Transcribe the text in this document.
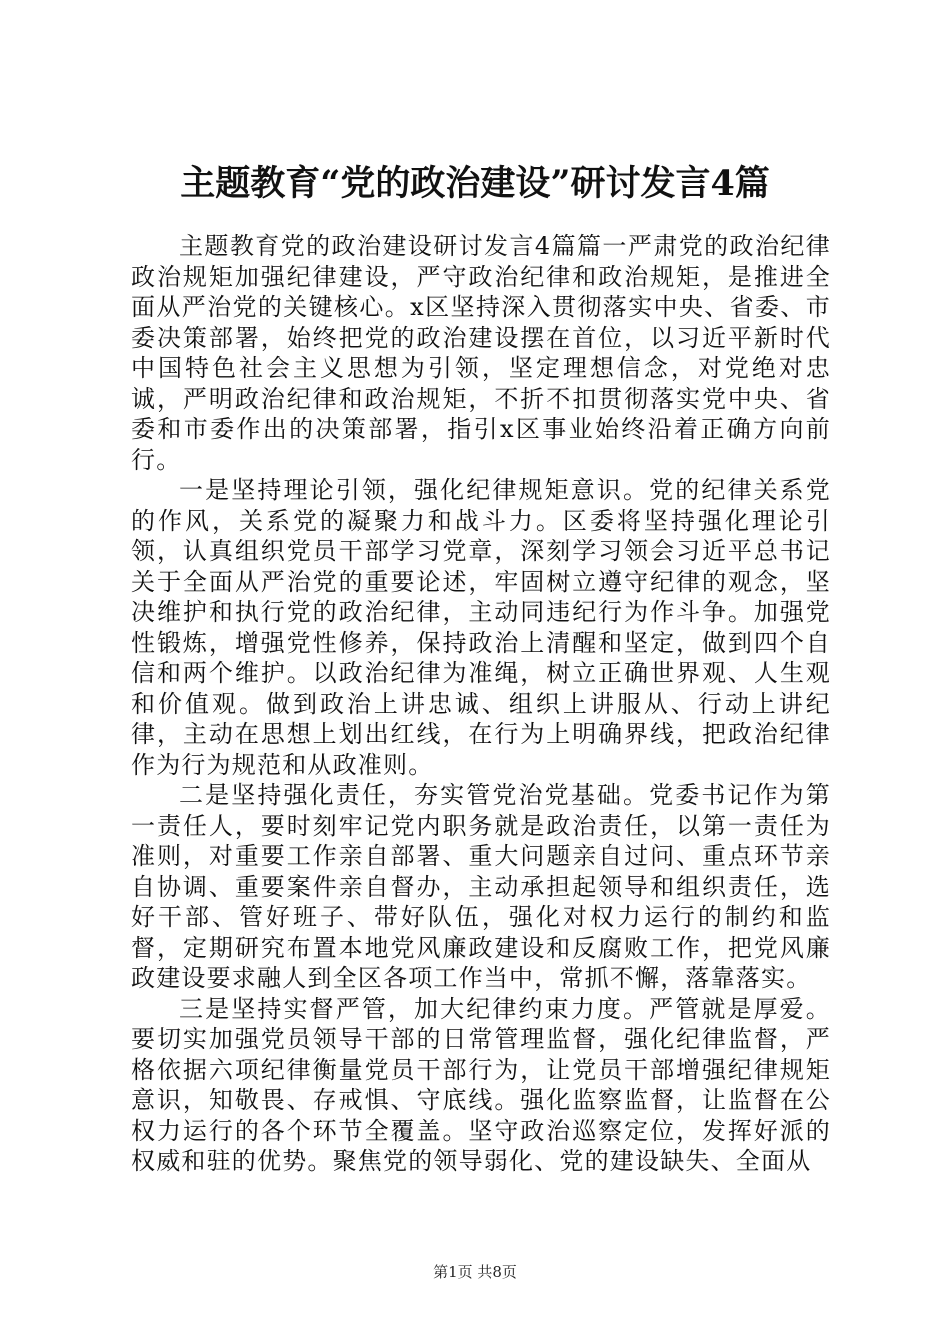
主题教育“党的政治建设”研讨发言4篇

主题教育党的政治建设研讨发言4篇篇一严肃党的政治纪律政治规矩加强纪律建设，严守政治纪律和政治规矩，是推进全面从严治党的关键核心。x区坚持深入贯彻落实中央、省委、市委决策部署，始终把党的政治建设摆在首位，以习近平新时代中国特色社会主义思想为引领，坚定理想信念，对党绝对忠诚，严明政治纪律和政治规矩，不折不扣贯彻落实党中央、省委和市委作出的决策部署，指引x区事业始终沿着正确方向前行。

一是坚持理论引领，强化纪律规矩意识。党的纪律关系党的作风，关系党的凝聚力和战斗力。区委将坚持强化理论引领，认真组织党员干部学习党章，深刻学习领会习近平总书记关于全面从严治党的重要论述，牢固树立遵守纪律的观念，坚决维护和执行党的政治纪律，主动同违纪行为作斗争。加强党性锻炼，增强党性修养，保持政治上清醒和坚定，做到四个自信和两个维护。以政治纪律为准绳，树立正确世界观、人生观和价值观。做到政治上讲忠诚、组织上讲服从、行动上讲纪律，主动在思想上划出红线，在行为上明确界线，把政治纪律作为行为规范和从政准则。

二是坚持强化责任，夯实管党治党基础。党委书记作为第一责任人，要时刻牢记党内职务就是政治责任，以第一责任为准则，对重要工作亲自部署、重大问题亲自过问、重点环节亲自协调、重要案件亲自督办，主动承担起领导和组织责任，选好干部、管好班子、带好队伍，强化对权力运行的制约和监督，定期研究布置本地党风廉政建设和反腐败工作，把党风廉政建设要求融人到全区各项工作当中，常抓不懈，落靠落实。

三是坚持实督严管，加大纪律约束力度。严管就是厚爱。要切实加强党员领导干部的日常管理监督，强化纪律监督，严格依据六项纪律衡量党员干部行为，让党员干部增强纪律规矩意识，知敬畏、存戒惧、守底线。强化监察监督，让监督在公权力运行的各个环节全覆盖。坚守政治巡察定位，发挥好派的权威和驻的优势。聚焦党的领导弱化、党的建设缺失、全面从

第1页 共8页
